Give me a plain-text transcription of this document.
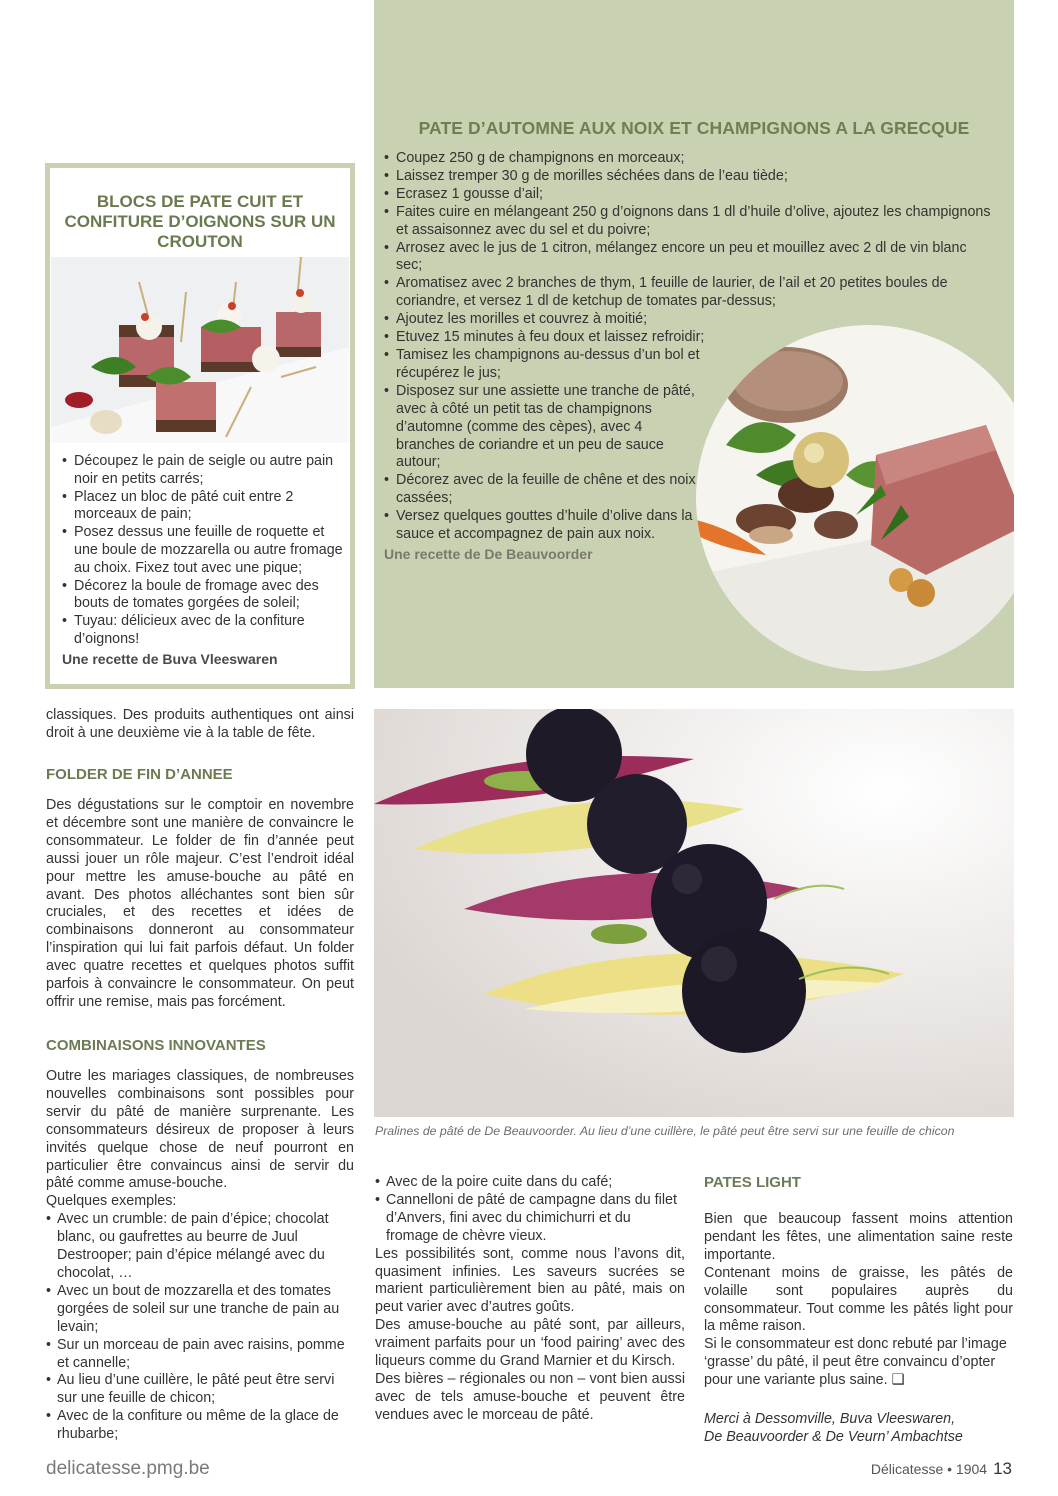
PATE D’AUTOMNE AUX NOIX ET CHAMPIGNONS A LA GRECQUE
• Coupez 250 g de champignons en morceaux;
• Laissez tremper 30 g de morilles séchées dans de l’eau tiède;
• Ecrasez 1 gousse d’ail;
• Faites cuire en mélangeant 250 g d’oignons dans 1 dl d’huile d’olive, ajoutez les champignons et assaisonnez avec du sel et du poivre;
• Arrosez avec le jus de 1 citron, mélangez encore un peu et mouillez avec 2 dl de vin blanc sec;
• Aromatisez avec 2 branches de thym, 1 feuille de laurier, de l’ail et 20 petites boules de coriandre, et versez 1 dl de ketchup de tomates par-dessus;
• Ajoutez les morilles et couvrez à moitié;
• Etuvez 15 minutes à feu doux et laissez refroidir;
• Tamisez les champignons au-dessus d’un bol et récupérez le jus;
• Disposez sur une assiette une tranche de pâté, avec à côté un petit tas de champignons d’automne (comme des cèpes), avec 4 branches de coriandre et un peu de sauce autour;
• Décorez avec de la feuille de chêne et des noix cassées;
• Versez quelques gouttes d’huile d’olive dans la sauce et accompagnez de pain aux noix.
Une recette de De Beauvoorder
BLOCS DE PATE CUIT ET CONFITURE D’OIGNONS SUR UN CROUTON
• Découpez le pain de seigle ou autre pain noir en petits carrés;
• Placez un bloc de pâté cuit entre 2 morceaux de pain;
• Posez dessus une feuille de roquette et une boule de mozzarella ou autre fromage au choix. Fixez tout avec une pique;
• Décorez la boule de fromage avec des bouts de tomates gorgées de soleil;
• Tuyau: délicieux avec de la confiture d’oignons!
Une recette de Buva Vleeswaren

classiques. Des produits authentiques ont ainsi droit à une deuxième vie à la table de fête.

FOLDER DE FIN D’ANNEE

Des dégustations sur le comptoir en novembre et décembre sont une manière de convaincre le consommateur. Le folder de fin d’année peut aussi jouer un rôle majeur. C’est l’endroit idéal pour mettre les amuse-bouche au pâté en avant. Des photos alléchantes sont bien sûr cruciales, et des recettes et idées de combinaisons donneront au consommateur l’inspiration qui lui fait parfois défaut. Un folder avec quatre recettes et quelques photos suffit parfois à convaincre le consommateur. On peut offrir une remise, mais pas forcément.

COMBINAISONS INNOVANTES

Outre les mariages classiques, de nombreuses nouvelles combinaisons sont possibles pour servir du pâté de manière surprenante. Les consommateurs désireux de proposer à leurs invités quelque chose de neuf pourront en particulier être convaincus ainsi de servir du pâté comme amuse-bouche.

Quelques exemples:

• Avec un crumble: de pain d’épice; chocolat blanc, ou gaufrettes au beurre de Juul Destrooper; pain d’épice mélangé avec du chocolat, …
• Avec un bout de mozzarella et des tomates gorgées de soleil sur une tranche de pain au levain;
• Sur un morceau de pain avec raisins, pomme et cannelle;
• Au lieu d’une cuillère, le pâté peut être servi sur une feuille de chicon;
• Avec de la confiture ou même de la glace de rhubarbe;
Pralines de pâté de De Beauvoorder. Au lieu d’une cuillère, le pâté peut être servi sur une feuille de chicon
• Avec de la poire cuite dans du café;
• Cannelloni de pâté de campagne dans du filet d’Anvers, fini avec du chimichurri et du fromage de chèvre vieux.

Les possibilités sont, comme nous l’avons dit, quasiment infinies. Les saveurs sucrées se marient particulièrement bien au pâté, mais on peut varier avec d’autres goûts.

Des amuse-bouche au pâté sont, par ailleurs, vraiment parfaits pour un ‘food pairing’ avec des liqueurs comme du Grand Marnier et du Kirsch.

Des bières – régionales ou non – vont bien aussi avec de tels amuse-bouche et peuvent être vendues avec le morceau de pâté.

PATES LIGHT

Bien que beaucoup fassent moins attention pendant les fêtes, une alimentation saine reste importante.

Contenant moins de graisse, les pâtés de volaille sont populaires auprès du consommateur. Tout comme les pâtés light pour la même raison.

Si le consommateur est donc rebuté par l’image ‘grasse’ du pâté, il peut être convaincu d’opter pour une variante plus saine. ❑

Merci à Dessomville, Buva Vleeswaren,
De Beauvoorder & De Veurn’ Ambachtse
delicatesse.pmg.be	Délicatesse • 1904 13
